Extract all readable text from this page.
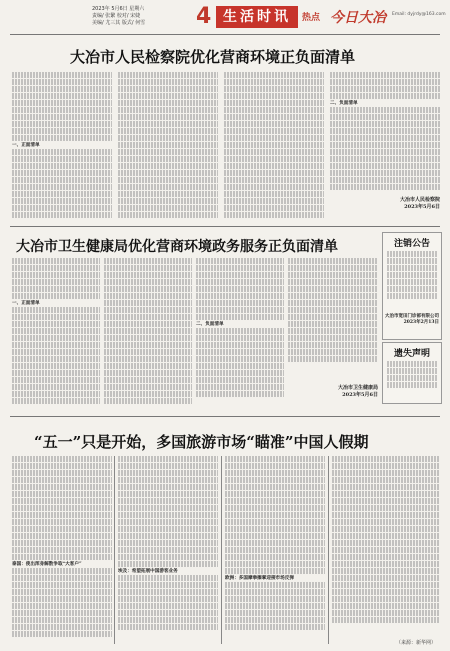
2023年 5月6日 星期六
责编/ 张繁 校对/ 宋婕
美编/ 尤三其 版式/ 何雪	4 生活时讯	热点 今日大冶 Email: dyjrdy@163.com
大冶市人民检察院优化营商环境正负面清单
一、正面清单
二、负面清单
大冶市人民检察院
2023年5月6日
大冶市卫生健康局优化营商环境政务服务正负面清单
一、正面清单
二、负面清单
大冶市卫生健康局
2023年5月6日
注销公告
大冶市宽田门诊部有限公司
2023年2月13日
遗失声明
“五一”只是开始，多国旅游市场“瞄准”中国人假期
泰国：使出浑身解数争取“大客户”
埃及：希望拓展中国游客业务
欧洲：多国摩拳擦掌迎接市场反弹
（来源：新华网）
